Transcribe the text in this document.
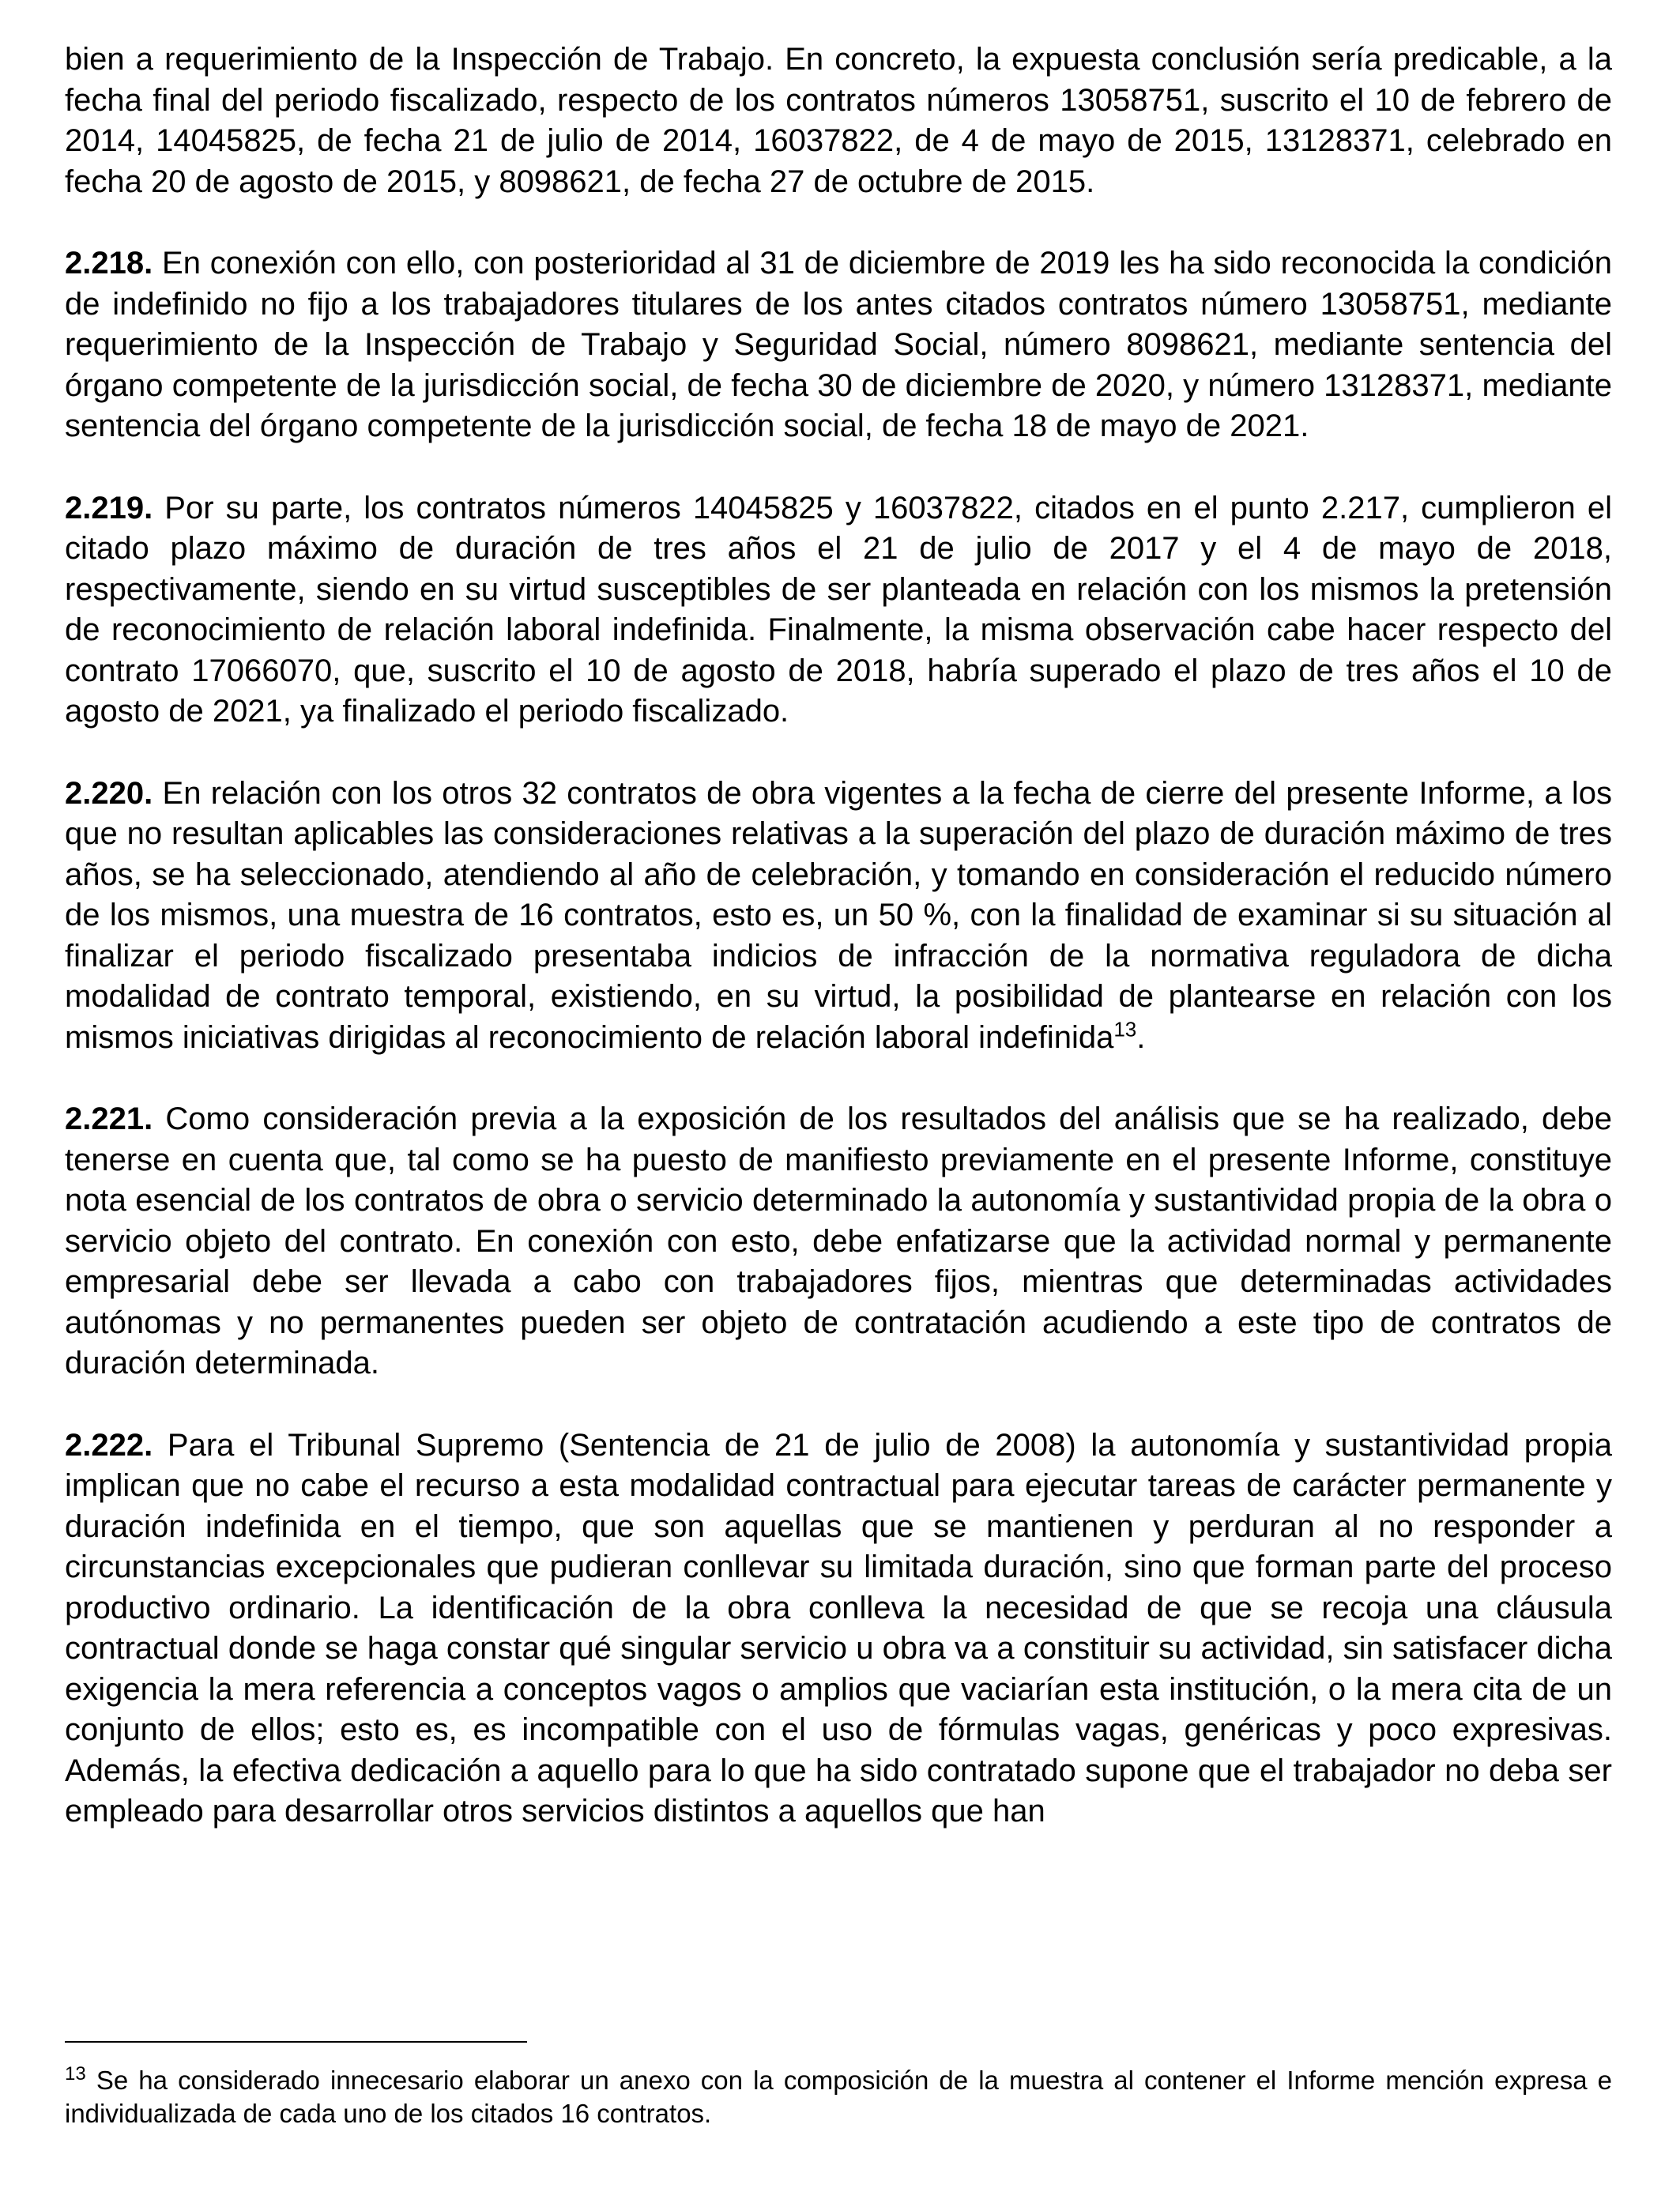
bien a requerimiento de la Inspección de Trabajo. En concreto, la expuesta conclusión sería predicable, a la fecha final del periodo fiscalizado, respecto de los contratos números 13058751, suscrito el 10 de febrero de 2014, 14045825, de fecha 21 de julio de 2014, 16037822, de 4 de mayo de 2015, 13128371, celebrado en fecha 20 de agosto de 2015, y 8098621, de fecha 27 de octubre de 2015.

2.218. En conexión con ello, con posterioridad al 31 de diciembre de 2019 les ha sido reconocida la condición de indefinido no fijo a los trabajadores titulares de los antes citados contratos número 13058751, mediante requerimiento de la Inspección de Trabajo y Seguridad Social, número 8098621, mediante sentencia del órgano competente de la jurisdicción social, de fecha 30 de diciembre de 2020, y número 13128371, mediante sentencia del órgano competente de la jurisdicción social, de fecha 18 de mayo de 2021.

2.219. Por su parte, los contratos números 14045825 y 16037822, citados en el punto 2.217, cumplieron el citado plazo máximo de duración de tres años el 21 de julio de 2017 y el 4 de mayo de 2018, respectivamente, siendo en su virtud susceptibles de ser planteada en relación con los mismos la pretensión de reconocimiento de relación laboral indefinida. Finalmente, la misma observación cabe hacer respecto del contrato 17066070, que, suscrito el 10 de agosto de 2018, habría superado el plazo de tres años el 10 de agosto de 2021, ya finalizado el periodo fiscalizado.

2.220. En relación con los otros 32 contratos de obra vigentes a la fecha de cierre del presente Informe, a los que no resultan aplicables las consideraciones relativas a la superación del plazo de duración máximo de tres años, se ha seleccionado, atendiendo al año de celebración, y tomando en consideración el reducido número de los mismos, una muestra de 16 contratos, esto es, un 50 %, con la finalidad de examinar si su situación al finalizar el periodo fiscalizado presentaba indicios de infracción de la normativa reguladora de dicha modalidad de contrato temporal, existiendo, en su virtud, la posibilidad de plantearse en relación con los mismos iniciativas dirigidas al reconocimiento de relación laboral indefinida$^{13}$.

2.221. Como consideración previa a la exposición de los resultados del análisis que se ha realizado, debe tenerse en cuenta que, tal como se ha puesto de manifiesto previamente en el presente Informe, constituye nota esencial de los contratos de obra o servicio determinado la autonomía y sustantividad propia de la obra o servicio objeto del contrato. En conexión con esto, debe enfatizarse que la actividad normal y permanente empresarial debe ser llevada a cabo con trabajadores fijos, mientras que determinadas actividades autónomas y no permanentes pueden ser objeto de contratación acudiendo a este tipo de contratos de duración determinada.

2.222. Para el Tribunal Supremo (Sentencia de 21 de julio de 2008) la autonomía y sustantividad propia implican que no cabe el recurso a esta modalidad contractual para ejecutar tareas de carácter permanente y duración indefinida en el tiempo, que son aquellas que se mantienen y perduran al no responder a circunstancias excepcionales que pudieran conllevar su limitada duración, sino que forman parte del proceso productivo ordinario. La identificación de la obra conlleva la necesidad de que se recoja una cláusula contractual donde se haga constar qué singular servicio u obra va a constituir su actividad, sin satisfacer dicha exigencia la mera referencia a conceptos vagos o amplios que vaciarían esta institución, o la mera cita de un conjunto de ellos; esto es, es incompatible con el uso de fórmulas vagas, genéricas y poco expresivas. Además, la efectiva dedicación a aquello para lo que ha sido contratado supone que el trabajador no deba ser empleado para desarrollar otros servicios distintos a aquellos que han

$^{13}$ Se ha considerado innecesario elaborar un anexo con la composición de la muestra al contener el Informe mención expresa e individualizada de cada uno de los citados 16 contratos.
